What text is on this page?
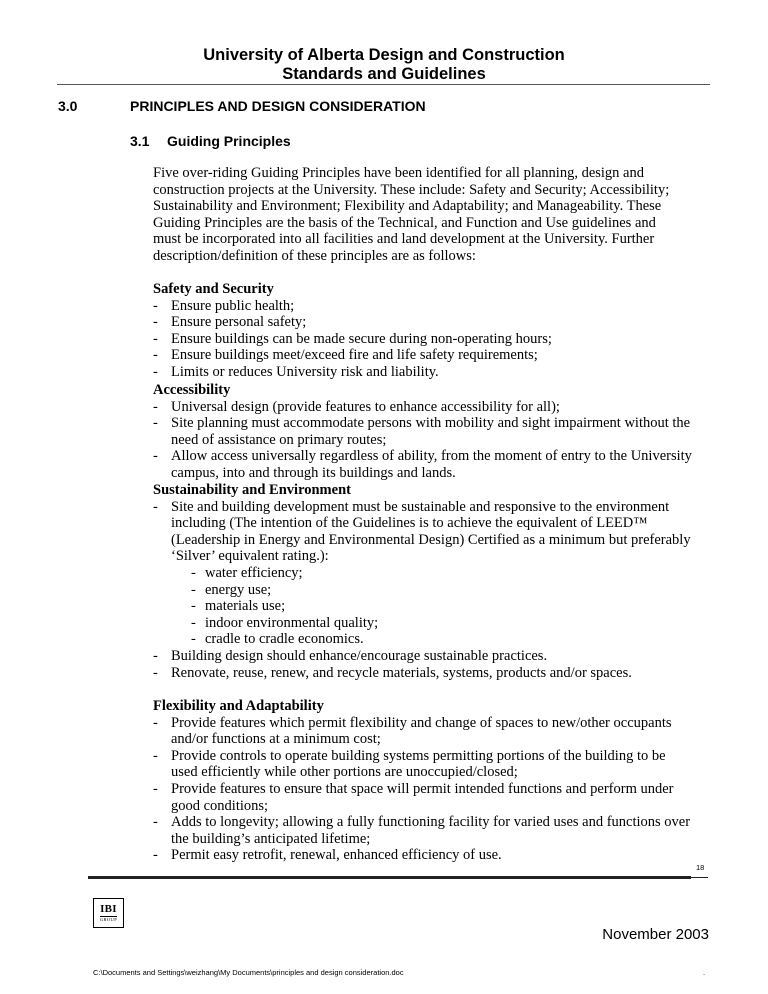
University of Alberta Design and Construction
Standards and Guidelines
3.0	PRINCIPLES AND DESIGN CONSIDERATION
3.1 Guiding Principles

Five over-riding Guiding Principles have been identified for all planning, design and construction projects at the University. These include: Safety and Security; Accessibility; Sustainability and Environment; Flexibility and Adaptability; and Manageability. These Guiding Principles are the basis of the Technical, and Function and Use guidelines and must be incorporated into all facilities and land development at the University. Further description/definition of these principles are as follows:

Safety and Security

- Ensure public health;
- Ensure personal safety;
- Ensure buildings can be made secure during non-operating hours;
- Ensure buildings meet/exceed fire and life safety requirements;
- Limits or reduces University risk and liability.

Accessibility

- Universal design (provide features to enhance accessibility for all);
- Site planning must accommodate persons with mobility and sight impairment without the need of assistance on primary routes;
- Allow access universally regardless of ability, from the moment of entry to the University campus, into and through its buildings and lands.

Sustainability and Environment

- Site and building development must be sustainable and responsive to the environment including (The intention of the Guidelines is to achieve the equivalent of LEED™ (Leadership in Energy and Environmental Design) Certified as a minimum but preferably ‘Silver’ equivalent rating.):
- water efficiency;
- energy use;
- materials use;
- indoor environmental quality;
- cradle to cradle economics.
- Building design should enhance/encourage sustainable practices.
- Renovate, reuse, renew, and recycle materials, systems, products and/or spaces.

Flexibility and Adaptability

- Provide features which permit flexibility and change of spaces to new/other occupants and/or functions at a minimum cost;
- Provide controls to operate building systems permitting portions of the building to be used efficiently while other portions are unoccupied/closed;
- Provide features to ensure that space will permit intended functions and perform under good conditions;
- Adds to longevity; allowing a fully functioning facility for varied uses and functions over the building’s anticipated lifetime;
- Permit easy retrofit, renewal, enhanced efficiency of use.
18
IBI
GROUP
November 2003
C:\Documents and Settings\weizhang\My Documents\principles and design consideration.doc	.
